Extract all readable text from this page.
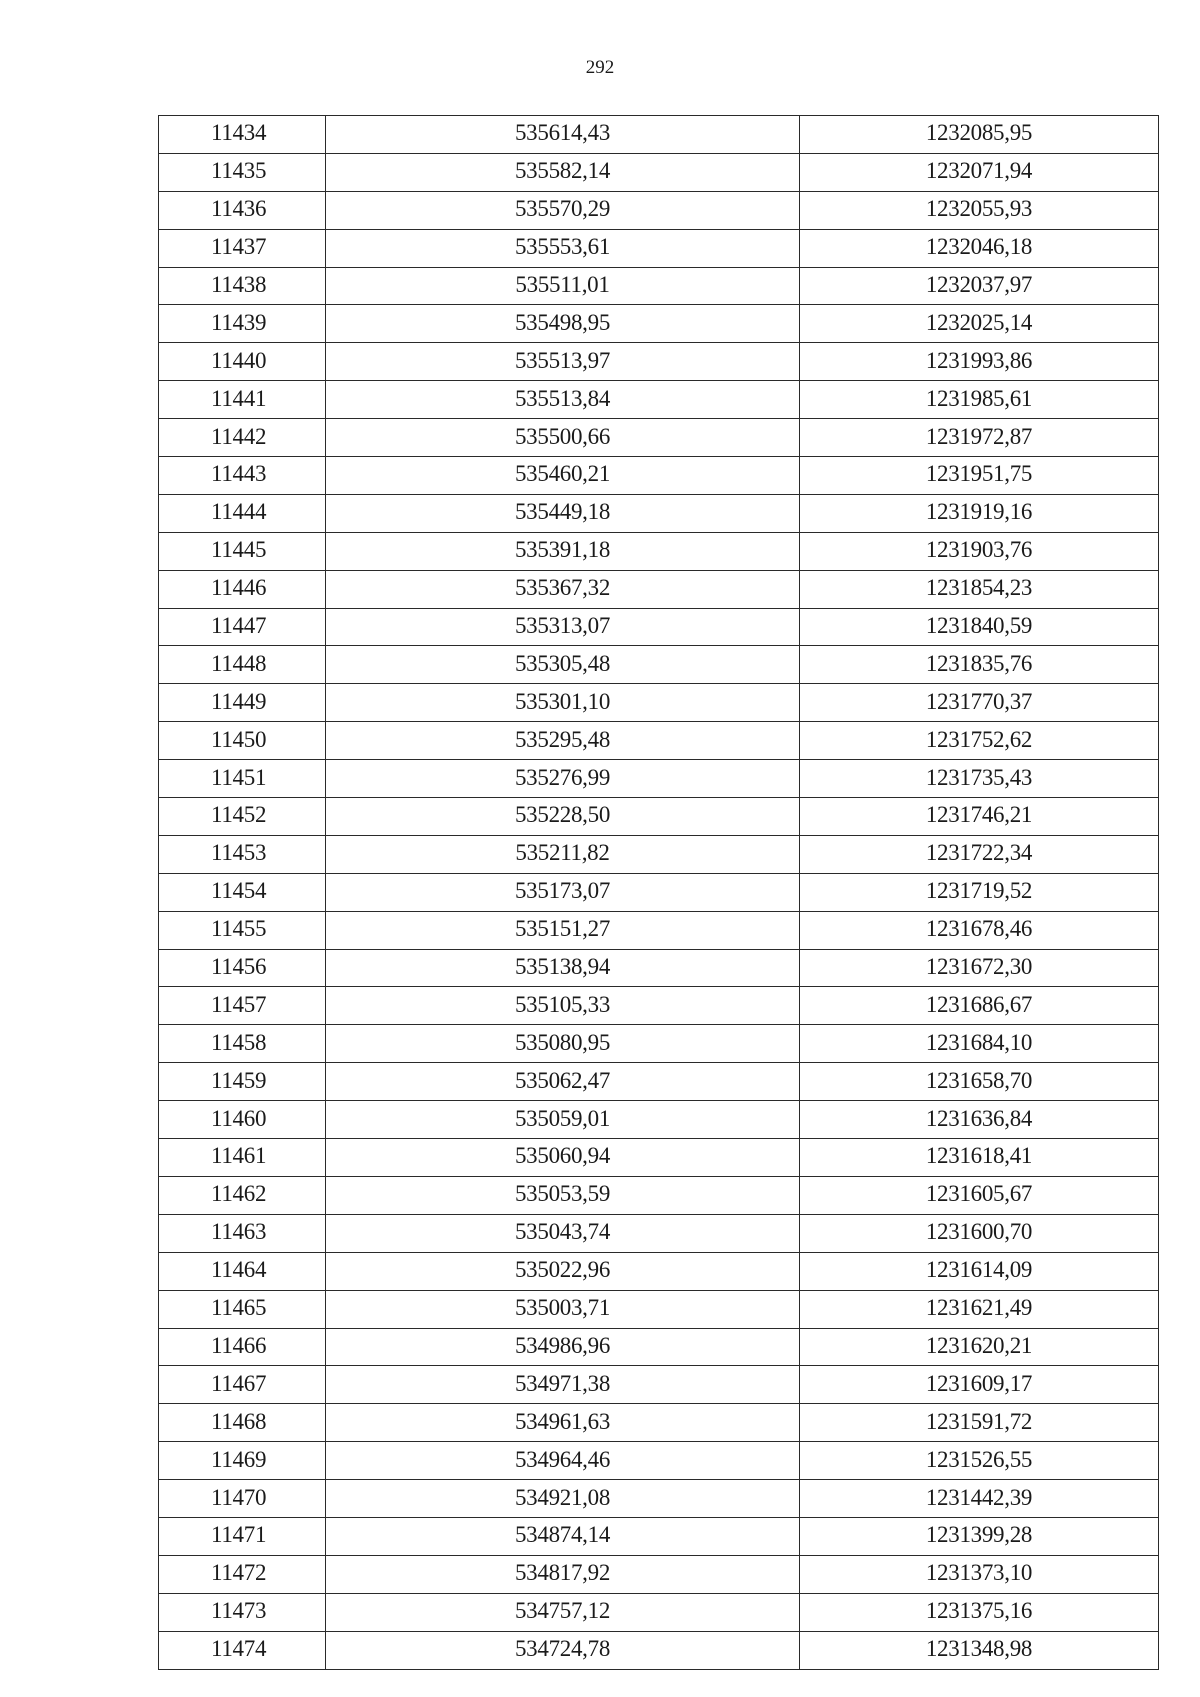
292
11434	535614,43	1232085,95
11435	535582,14	1232071,94
11436	535570,29	1232055,93
11437	535553,61	1232046,18
11438	535511,01	1232037,97
11439	535498,95	1232025,14
11440	535513,97	1231993,86
11441	535513,84	1231985,61
11442	535500,66	1231972,87
11443	535460,21	1231951,75
11444	535449,18	1231919,16
11445	535391,18	1231903,76
11446	535367,32	1231854,23
11447	535313,07	1231840,59
11448	535305,48	1231835,76
11449	535301,10	1231770,37
11450	535295,48	1231752,62
11451	535276,99	1231735,43
11452	535228,50	1231746,21
11453	535211,82	1231722,34
11454	535173,07	1231719,52
11455	535151,27	1231678,46
11456	535138,94	1231672,30
11457	535105,33	1231686,67
11458	535080,95	1231684,10
11459	535062,47	1231658,70
11460	535059,01	1231636,84
11461	535060,94	1231618,41
11462	535053,59	1231605,67
11463	535043,74	1231600,70
11464	535022,96	1231614,09
11465	535003,71	1231621,49
11466	534986,96	1231620,21
11467	534971,38	1231609,17
11468	534961,63	1231591,72
11469	534964,46	1231526,55
11470	534921,08	1231442,39
11471	534874,14	1231399,28
11472	534817,92	1231373,10
11473	534757,12	1231375,16
11474	534724,78	1231348,98
